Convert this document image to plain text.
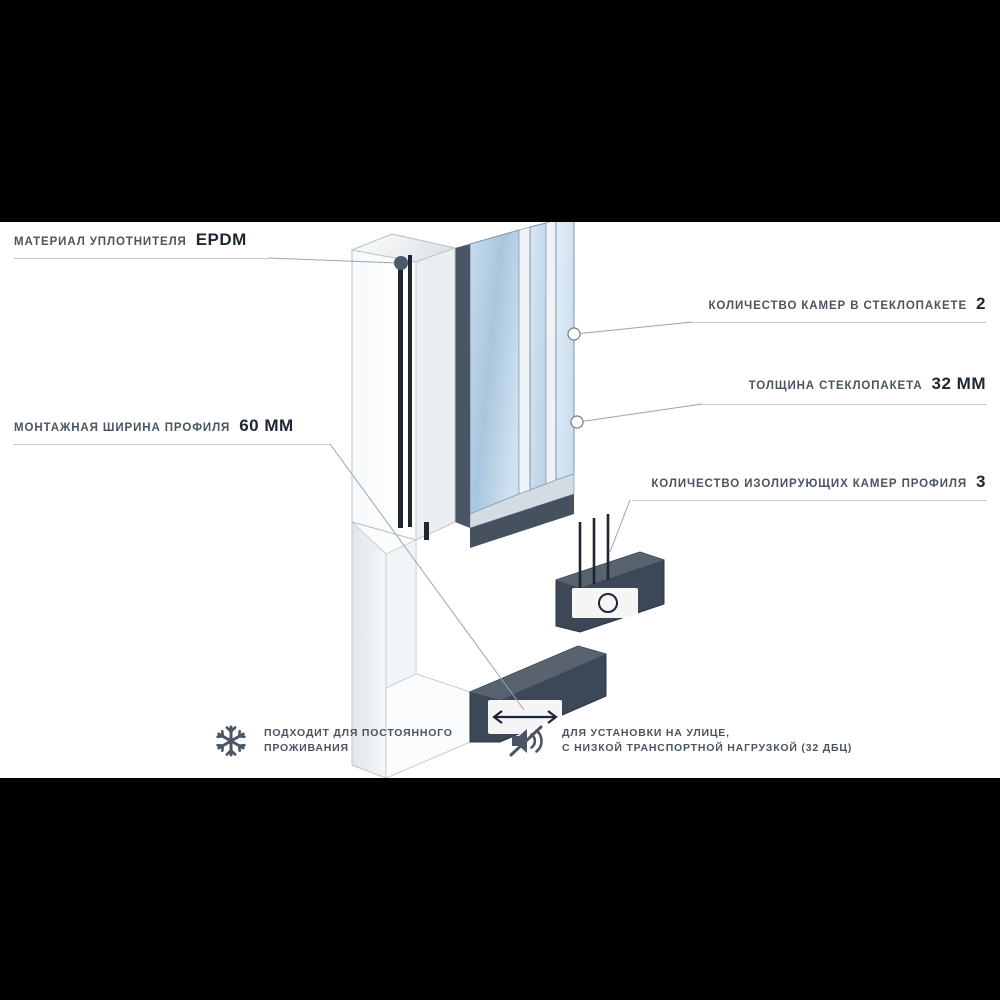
МАТЕРИАЛ УПЛОТНИТЕЛЯ EPDM
КОЛИЧЕСТВО КАМЕР В СТЕКЛОПАКЕТЕ 2
ТОЛЩИНА СТЕКЛОПАКЕТА 32 ММ
МОНТАЖНАЯ ШИРИНА ПРОФИЛЯ 60 ММ
КОЛИЧЕСТВО ИЗОЛИРУЮЩИХ КАМЕР ПРОФИЛЯ 3
ПОДХОДИТ ДЛЯ ПОСТОЯННОГО
ПРОЖИВАНИЯ
ДЛЯ УСТАНОВКИ НА УЛИЦЕ,
С НИЗКОЙ ТРАНСПОРТНОЙ НАГРУЗКОЙ (32 ДБЦ)
